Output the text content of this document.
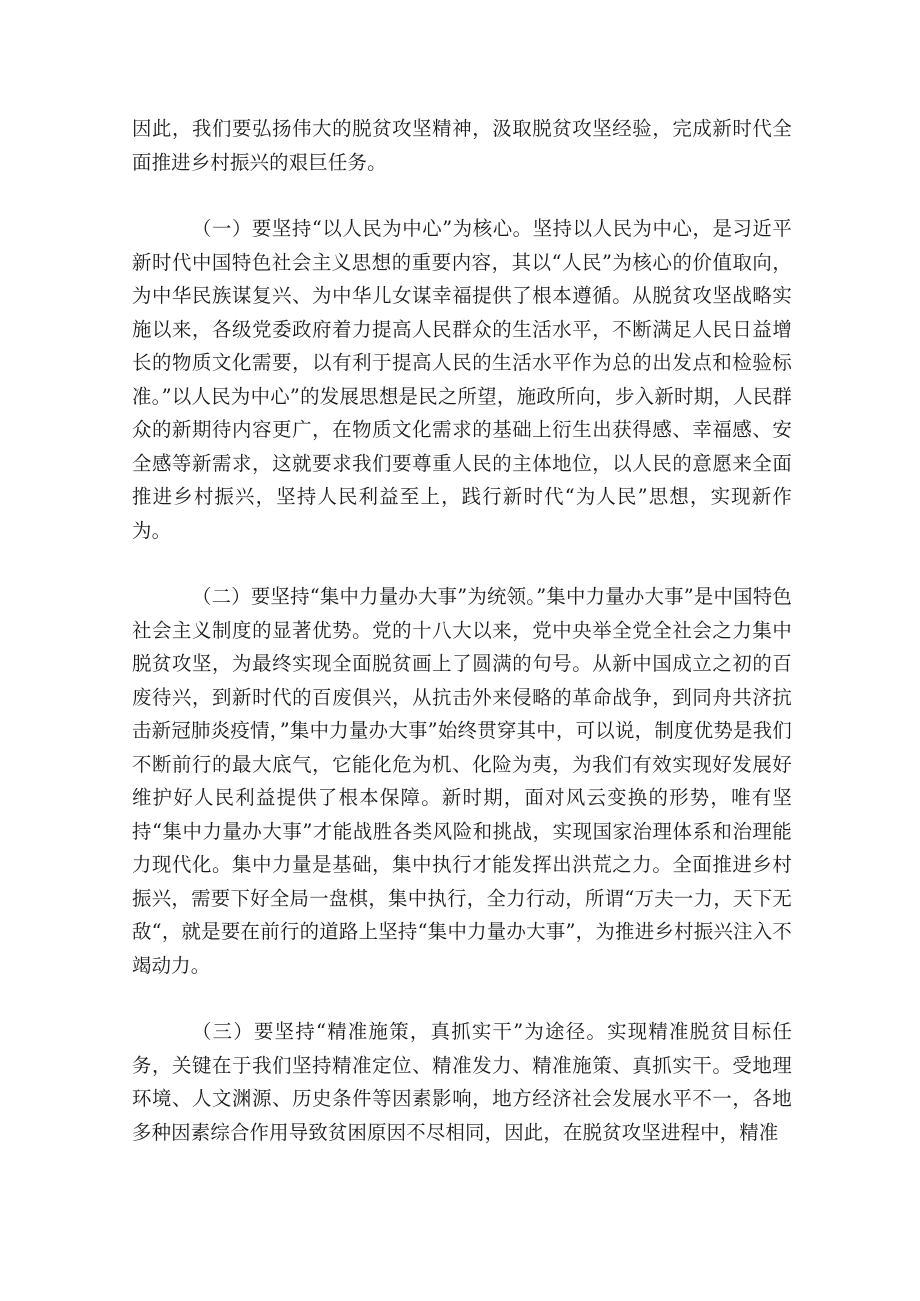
因此，我们要弘扬伟大的脱贫攻坚精神，汲取脱贫攻坚经验，完成新时代全面推进乡村振兴的艰巨任务。

（一）要坚持“以人民为中心”为核心。坚持以人民为中心，是习近平新时代中国特色社会主义思想的重要内容，其以“人民”为核心的价值取向，为中华民族谋复兴、为中华儿女谋幸福提供了根本遵循。从脱贫攻坚战略实施以来，各级党委政府着力提高人民群众的生活水平，不断满足人民日益增长的物质文化需要，以有利于提高人民的生活水平作为总的出发点和检验标准。”以人民为中心”的发展思想是民之所望，施政所向，步入新时期，人民群众的新期待内容更广，在物质文化需求的基础上衍生出获得感、幸福感、安全感等新需求，这就要求我们要尊重人民的主体地位，以人民的意愿来全面推进乡村振兴，坚持人民利益至上，践行新时代“为人民”思想，实现新作为。

（二）要坚持“集中力量办大事”为统领。”集中力量办大事”是中国特色社会主义制度的显著优势。党的十八大以来，党中央举全党全社会之力集中脱贫攻坚，为最终实现全面脱贫画上了圆满的句号。从新中国成立之初的百废待兴，到新时代的百废俱兴，从抗击外来侵略的革命战争，到同舟共济抗击新冠肺炎疫情，”集中力量办大事”始终贯穿其中，可以说，制度优势是我们不断前行的最大底气，它能化危为机、化险为夷，为我们有效实现好发展好维护好人民利益提供了根本保障。新时期，面对风云变换的形势，唯有坚持“集中力量办大事”才能战胜各类风险和挑战，实现国家治理体系和治理能力现代化。集中力量是基础，集中执行才能发挥出洪荒之力。全面推进乡村振兴，需要下好全局一盘棋，集中执行，全力行动，所谓“万夫一力，天下无敌“，就是要在前行的道路上坚持“集中力量办大事”，为推进乡村振兴注入不竭动力。

（三）要坚持“精准施策，真抓实干”为途径。实现精准脱贫目标任务，关键在于我们坚持精准定位、精准发力、精准施策、真抓实干。受地理环境、人文渊源、历史条件等因素影响，地方经济社会发展水平不一，各地多种因素综合作用导致贫困原因不尽相同，因此，在脱贫攻坚进程中，精准
